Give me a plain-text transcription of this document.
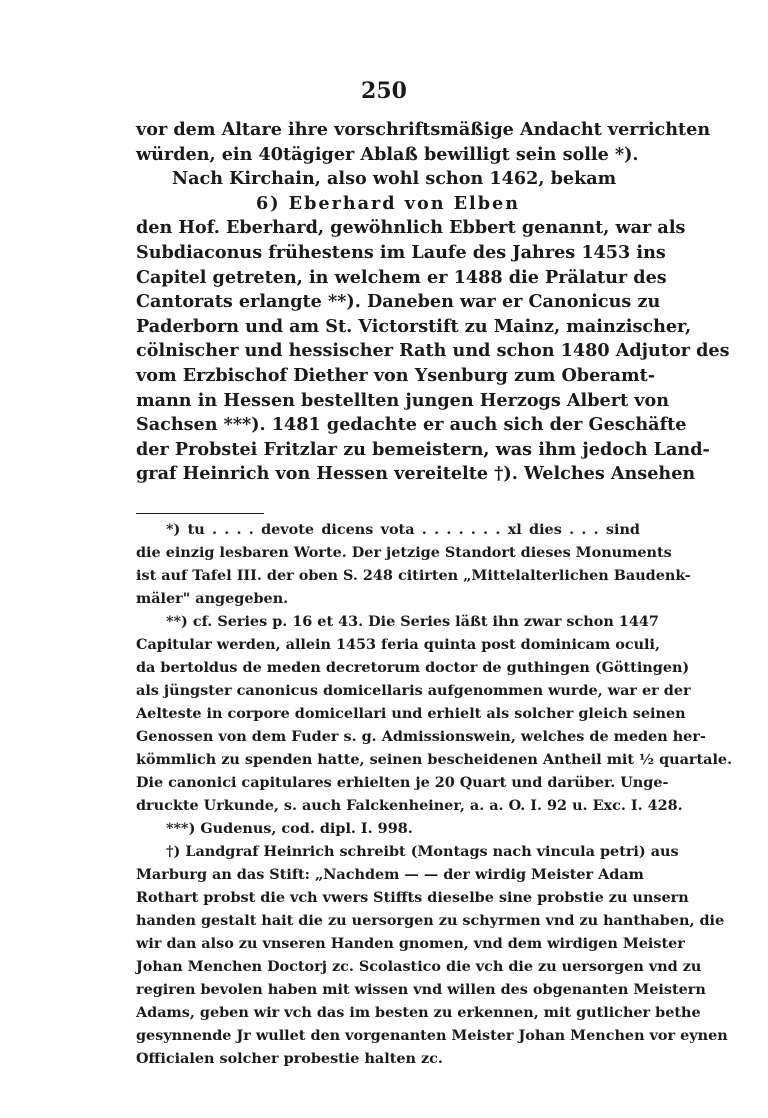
250
vor dem Altare ihre vorschriftsmäßige Andacht verrichten
würden, ein 40tägiger Ablaß bewilligt sein solle *).
Nach Kirchain, also wohl schon 1462, bekam
6) Eberhard von Elben
den Hof. Eberhard, gewöhnlich Ebbert genannt, war als
Subdiaconus frühestens im Laufe des Jahres 1453 ins
Capitel getreten, in welchem er 1488 die Prälatur des
Cantorats erlangte **). Daneben war er Canonicus zu
Paderborn und am St. Victorstift zu Mainz, mainzischer,
cölnischer und hessischer Rath und schon 1480 Adjutor des
vom Erzbischof Diether von Ysenburg zum Oberamt-
mann in Hessen bestellten jungen Herzogs Albert von
Sachsen ***). 1481 gedachte er auch sich der Geschäfte
der Probstei Fritzlar zu bemeistern, was ihm jedoch Land-
graf Heinrich von Hessen vereitelte †). Welches Ansehen
*) tu . . . . devote dicens vota . . . . . . . xl dies . . . sind
die einzig lesbaren Worte. Der jetzige Standort dieses Monuments
ist auf Tafel III. der oben S. 248 citirten „Mittelalterlichen Baudenk-
mäler" angegeben.
**) cf. Series p. 16 et 43. Die Series läßt ihn zwar schon 1447
Capitular werden, allein 1453 feria quinta post dominicam oculi,
da bertoldus de meden decretorum doctor de guthingen (Göttingen)
als jüngster canonicus domicellaris aufgenommen wurde, war er der
Aelteste in corpore domicellari und erhielt als solcher gleich seinen
Genossen von dem Fuder s. g. Admissionswein, welches de meden her-
kömmlich zu spenden hatte, seinen bescheidenen Antheil mit ½ quartale.
Die canonici capitulares erhielten je 20 Quart und darüber. Unge-
druckte Urkunde, s. auch Falckenheiner, a. a. O. I. 92 u. Exc. I. 428.
***) Gudenus, cod. dipl. I. 998.
†) Landgraf Heinrich schreibt (Montags nach vincula petri) aus
Marburg an das Stift: „Nachdem — — der wirdig Meister Adam
Rothart probst die vch vwers Stiffts dieselbe sine probstie zu unsern
handen gestalt hait die zu uersorgen zu schyrmen vnd zu hanthaben, die
wir dan also zu vnseren Handen gnomen, vnd dem wirdigen Meister
Johan Menchen Doctorj zc. Scolastico die vch die zu uersorgen vnd zu
regiren bevolen haben mit wissen vnd willen des obgenanten Meistern
Adams, geben wir vch das im besten zu erkennen, mit gutlicher bethe
gesynnende Jr wullet den vorgenanten Meister Johan Menchen vor eynen
Officialen solcher probestie halten zc.
